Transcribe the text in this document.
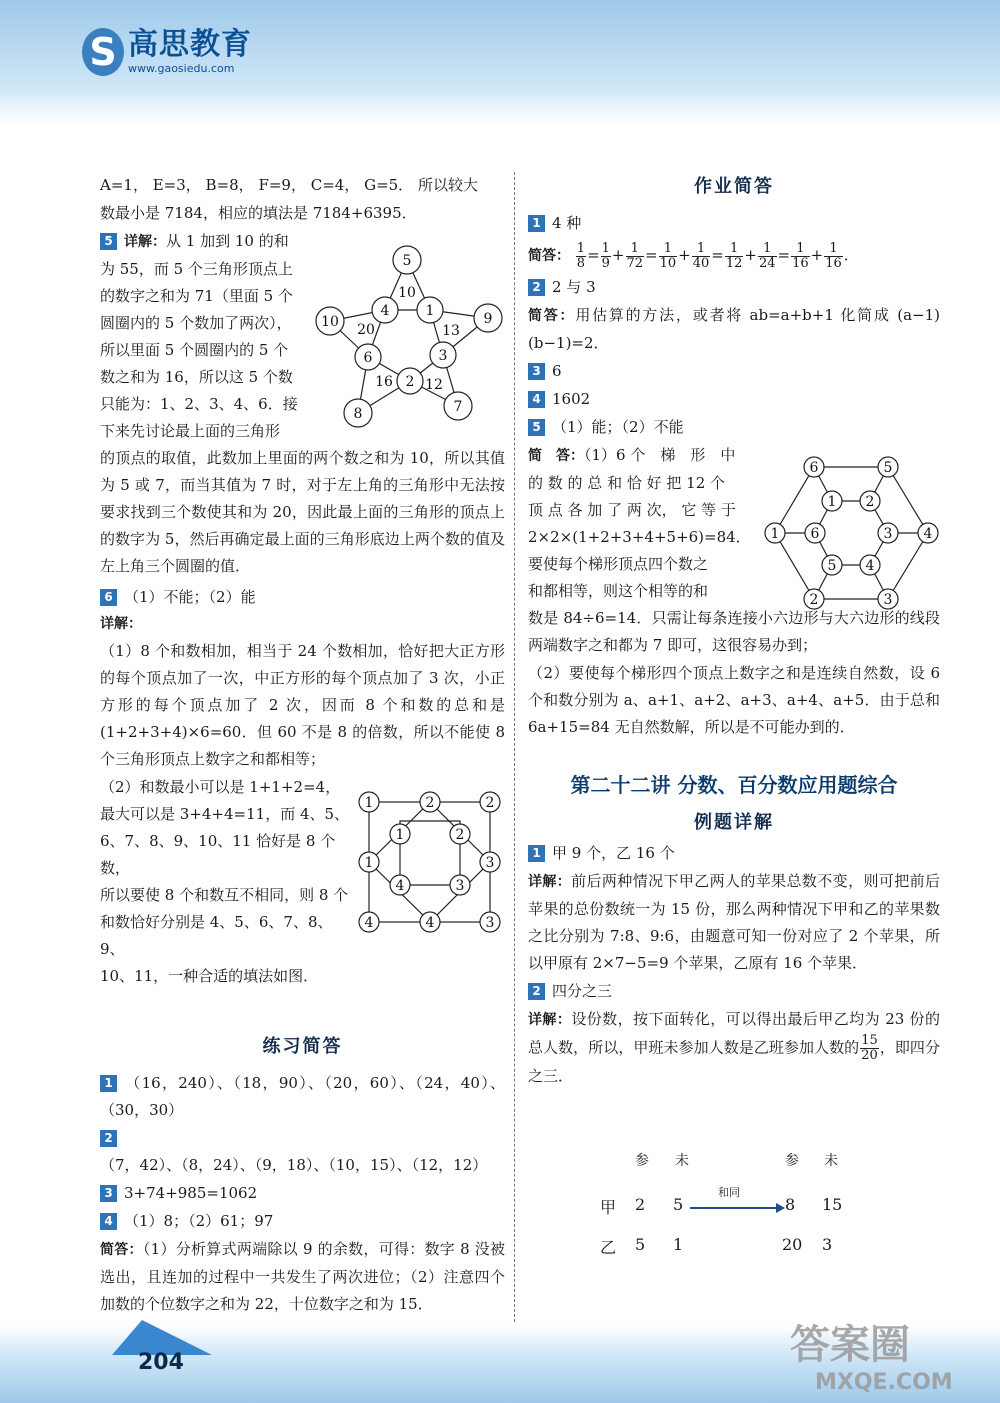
S 高思教育
www.gaosiedu.com

A=1， E=3， B=8， F=9， C=4， G=5． 所以较大

数最小是 7184，相应的填法是 7184+6395．

5 详解：从 1 加到 10 的和
为 55，而 5 个三角形顶点上
的数字之和为 71（里面 5 个
圆圈内的 5 个数加了两次），
所以里面 5 个圆圈内的 5 个
数之和为 16，所以这 5 个数
只能为：1、2、3、4、6．接
下来先讨论最上面的三角形

的顶点的取值，此数加上里面的两个数之和为 10，所以其值为 5 或 7，而当其值为 7 时，对于左上角的三角形中无法按要求找到三个数使其和为 20，因此最上面的三角形的顶点上的数字为 5，然后再确定最上面的三角形底边上两个数的值及左上角三个圆圈的值．

6 （1）不能；（2）能
详解：

（1）8 个和数相加，相当于 24 个数相加，恰好把大正方形的每个顶点加了一次，中正方形的每个顶点加了 3 次，小正方形的每个顶点加了 2 次，因而 8 个和数的总和是 (1+2+3+4)×6=60．但 60 不是 8 的倍数，所以不能使 8 个三角形顶点上数字之和都相等；

（2）和数最小可以是 1+1+2=4，
最大可以是 3+4+4=11，而 4、5、
6、7、8、9、10、11 恰好是 8 个数，
所以要使 8 个和数互不相同，则 8 个
和数恰好分别是 4、5、6、7、8、9、
10、11，一种合适的填法如图．
练习简答

1 （16，240）、（18，90）、（20，60）、（24，40）、（30，30）

2（7，42）、（8，24）、（9，18）、（10，15）、（12，12）

3 3+74+985=1062

4 （1）8；（2）61；97

简答：（1）分析算式两端除以 9 的余数，可得：数字 8 没被选出，且连加的过程中一共发生了两次进位；（2）注意四个加数的个位数字之和为 22，十位数字之和为 15．

5
9
7
8
10
1
3
2
6
4
10
13
12
16
20
1	2	2
3
3
4
4
1
1	2
3
4
作业简答

1 4 种

简答： $\frac{1}{8} = \frac{1}{9} + \frac{1}{72} = \frac{1}{10} + \frac{1}{40} = \frac{1}{12} + \frac{1}{24} = \frac{1}{16} + \frac{1}{16}$ ．

2 2 与 3

简答：用估算的方法，或者将 ab=a+b+1 化简成 (a−1)(b−1)=2．

3 6

4 1602

5 （1）能；（2）不能

简　答：（1）6 个　梯　形　中
的 数 的 总 和 恰 好 把 12 个
顶 点 各 加 了 两 次， 它 等 于
2×2×(1+2+3+4+5+6)=84．
要使每个梯形顶点四个数之
和都相等，则这个相等的和

数是 84÷6=14．只需让每条连接小六边形与大六边形的线段两端数字之和都为 7 即可，这很容易办到；

（2）要使每个梯形四个顶点上数字之和是连续自然数，设 6 个和数分别为 a、a+1、a+2、a+3、a+4、a+5．由于总和 6a+15=84 无自然数解，所以是不可能办到的．

第二十二讲 分数、百分数应用题综合
例题详解

1 甲 9 个，乙 16 个

详解：前后两种情况下甲乙两人的苹果总数不变，则可把前后苹果的总份数统一为 15 份，那么两种情况下甲和乙的苹果数之比分别为 7:8、9:6，由题意可知一份对应了 2 个苹果，所以甲原有 2×7−5=9 个苹果，乙原有 16 个苹果．

2 四分之三

详解：设份数，按下面转化，可以得出最后甲乙均为 23 份的总人数，所以，甲班未参加人数是乙班参加人数的 $\frac{15}{20}$ ，即四分之三．

6	5
4
3
2
1
1 2
3
4
5
6
参 未	参 未
甲 2 5	8 15
乙 5 1	20 3
和同
204	答案圈
MXQE.COM
